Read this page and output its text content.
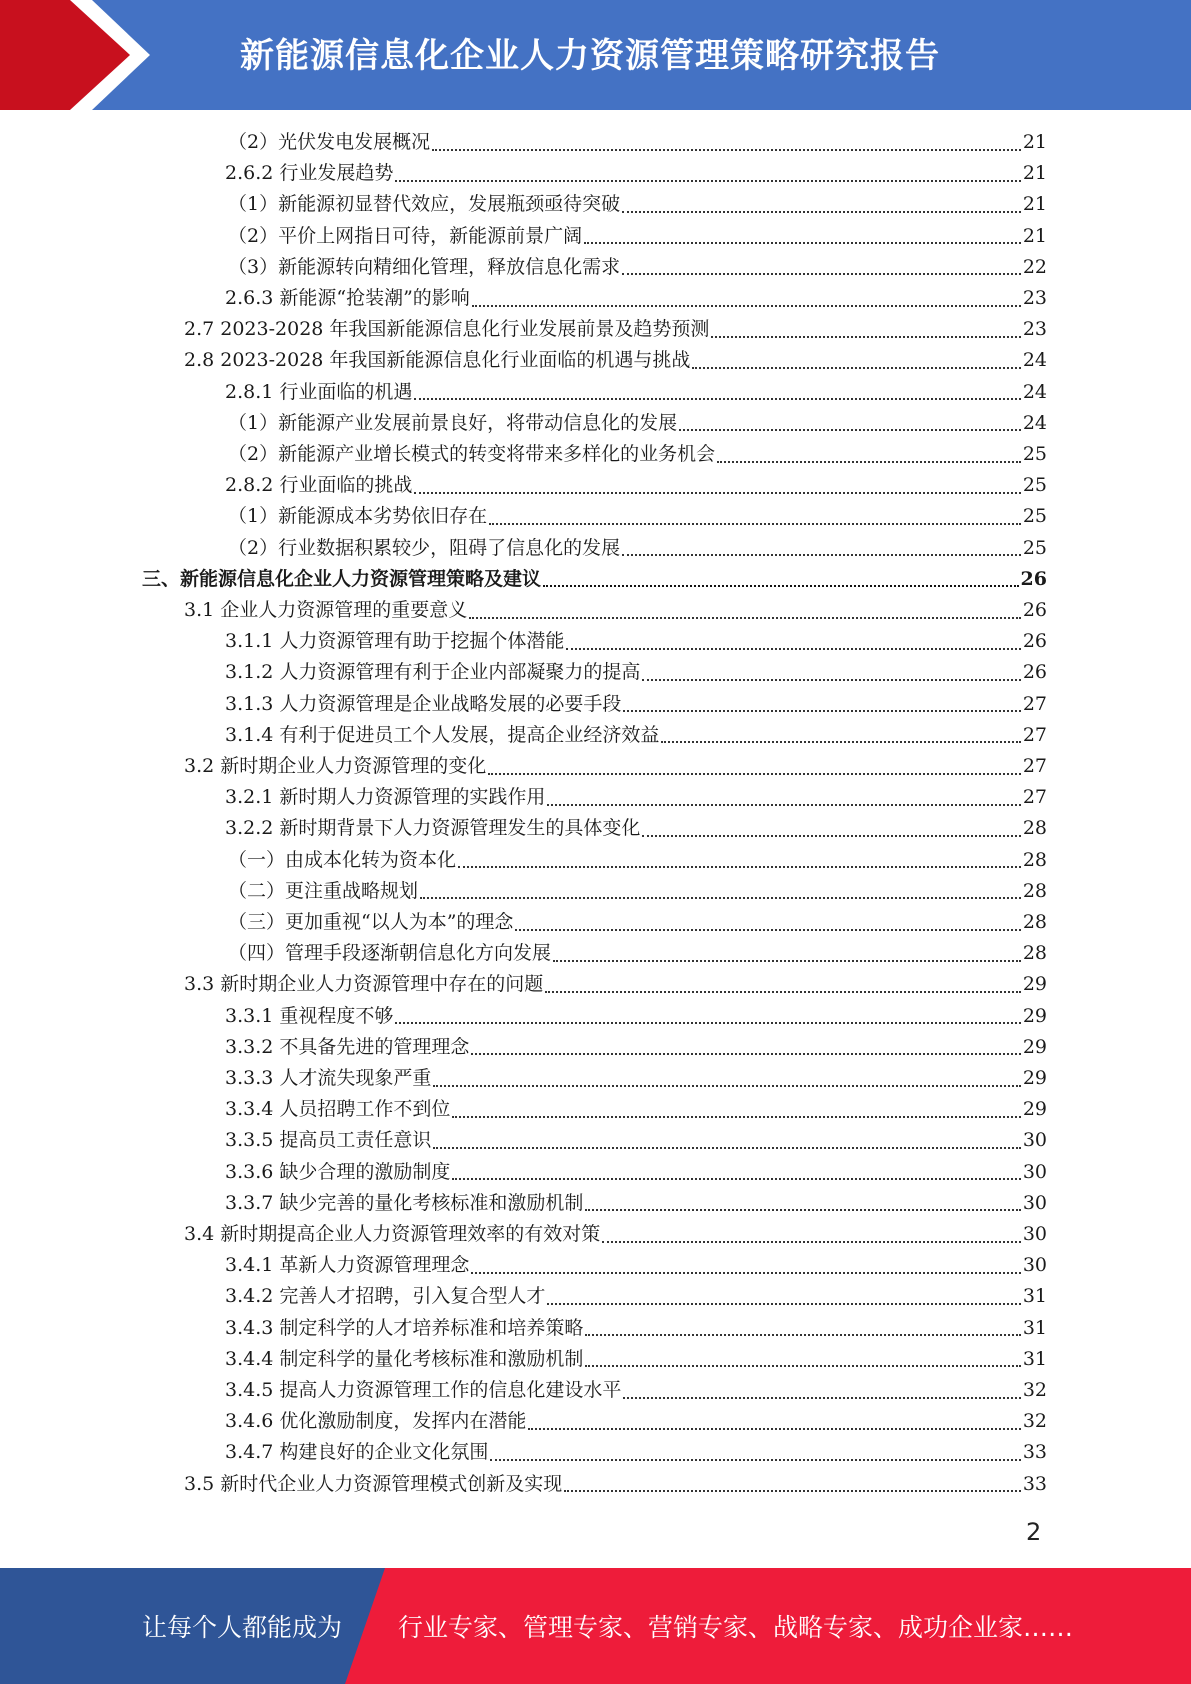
新能源信息化企业人力资源管理策略研究报告
（2）光伏发电发展概况	21
2.6.2 行业发展趋势	21
（1）新能源初显替代效应，发展瓶颈亟待突破	21
（2）平价上网指日可待，新能源前景广阔	21
（3）新能源转向精细化管理，释放信息化需求	22
2.6.3 新能源“抢装潮”的影响	23
2.7 2023-2028 年我国新能源信息化行业发展前景及趋势预测	23
2.8 2023-2028 年我国新能源信息化行业面临的机遇与挑战	24
2.8.1 行业面临的机遇	24
（1）新能源产业发展前景良好，将带动信息化的发展	24
（2）新能源产业增长模式的转变将带来多样化的业务机会	25
2.8.2 行业面临的挑战	25
（1）新能源成本劣势依旧存在	25
（2）行业数据积累较少，阻碍了信息化的发展	25
三、新能源信息化企业人力资源管理策略及建议	26
3.1 企业人力资源管理的重要意义	26
3.1.1 人力资源管理有助于挖掘个体潜能	26
3.1.2 人力资源管理有利于企业内部凝聚力的提高	26
3.1.3 人力资源管理是企业战略发展的必要手段	27
3.1.4 有利于促进员工个人发展，提高企业经济效益	27
3.2 新时期企业人力资源管理的变化	27
3.2.1 新时期人力资源管理的实践作用	27
3.2.2 新时期背景下人力资源管理发生的具体变化	28
（一）由成本化转为资本化	28
（二）更注重战略规划	28
（三）更加重视“以人为本”的理念	28
（四）管理手段逐渐朝信息化方向发展	28
3.3 新时期企业人力资源管理中存在的问题	29
3.3.1 重视程度不够	29
3.3.2 不具备先进的管理理念	29
3.3.3 人才流失现象严重	29
3.3.4 人员招聘工作不到位	29
3.3.5 提高员工责任意识	30
3.3.6 缺少合理的激励制度	30
3.3.7 缺少完善的量化考核标准和激励机制	30
3.4 新时期提高企业人力资源管理效率的有效对策	30
3.4.1 革新人力资源管理理念	30
3.4.2 完善人才招聘，引入复合型人才	31
3.4.3 制定科学的人才培养标准和培养策略	31
3.4.4 制定科学的量化考核标准和激励机制	31
3.4.5 提高人力资源管理工作的信息化建设水平	32
3.4.6 优化激励制度，发挥内在潜能	32
3.4.7 构建良好的企业文化氛围	33
3.5 新时代企业人力资源管理模式创新及实现	33
2
让每个人都能成为 行业专家、管理专家、营销专家、战略专家、成功企业家……
